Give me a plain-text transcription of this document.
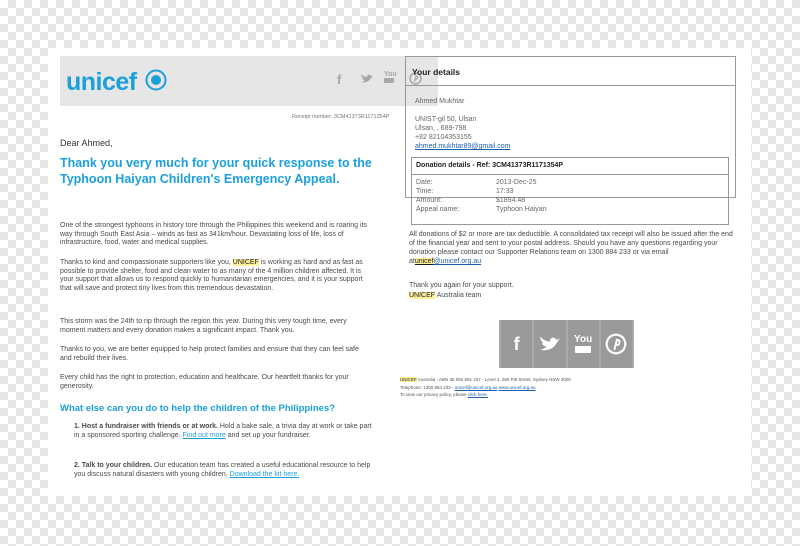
unicef	f	You

Receipt number: 3CM41373R1171354P
Dear Ahmed,
Thank you very much for your quick response to the Typhoon Haiyan Children's Emergency Appeal.
One of the strongest typhoons in history tore through the Philippines this weekend and is roaring its way through South East Asia – winds as fast as 341km/hour. Devastating loss of life, loss of infrastructure, food, water and medical supplies.
Thanks to kind and compassionate supporters like you, UNICEF is working as hard and as fast as possible to provide shelter, food and clean water to as many of the 4 million children affected. It is your support that allows us to respond quickly to humanitarian emergencies, and it is your support that will save and protect tiny lives from this tremendous devastation.
This storm was the 24th to rip through the region this year. During this very tough time, every moment matters and every donation makes a significant impact. Thank you.
Thanks to you, we are better equipped to help protect families and ensure that they can feel safe and rebuild their lives.
Every child has the right to protection, education and healthcare. Our heartfelt thanks for your generosity.
What else can you do to help the children of the Philippines?
1. Host a fundraiser with friends or at work. Hold a bake sale, a trivia day at work or take part in a sponsored sporting challenge. Find out more and set up your fundraiser.
2. Talk to your children. Our education team has created a useful educational resource to help you discuss natural disasters with young children. Download the kit here.
Your details
Ahmed Mukhtar
UNIST-gil 50, Ulsan
Ulsan, , 689-798
+82 82104353155
ahmed.mukhtar89@gmail.com
Donation details - Ref: 3CM41373R1171354P
Date:	2013-Dec-25
Time:	17:33
Amount:	$1894.48
Appeal name:	Typhoon Haiyan
All donations of $2 or more are tax deductible. A consolidated tax receipt will also be issued after the end of the financial year and sent to your postal address. Should you have any questions regarding your donation please contact our Supporter Relations team on 1300 884 233 or via email atunicef@unicef.org.au
Thank you again for your support.
UNICEF Australia team
f	You
UNICEF Australia - ABN 35 060 581 437 - Level 4, 280 Pitt Street, Sydney NSW 2000
Telephone: 1300 884 233 - unicef@unicef.org.au www.unicef.org.au
To view our privacy policy, please click here.
